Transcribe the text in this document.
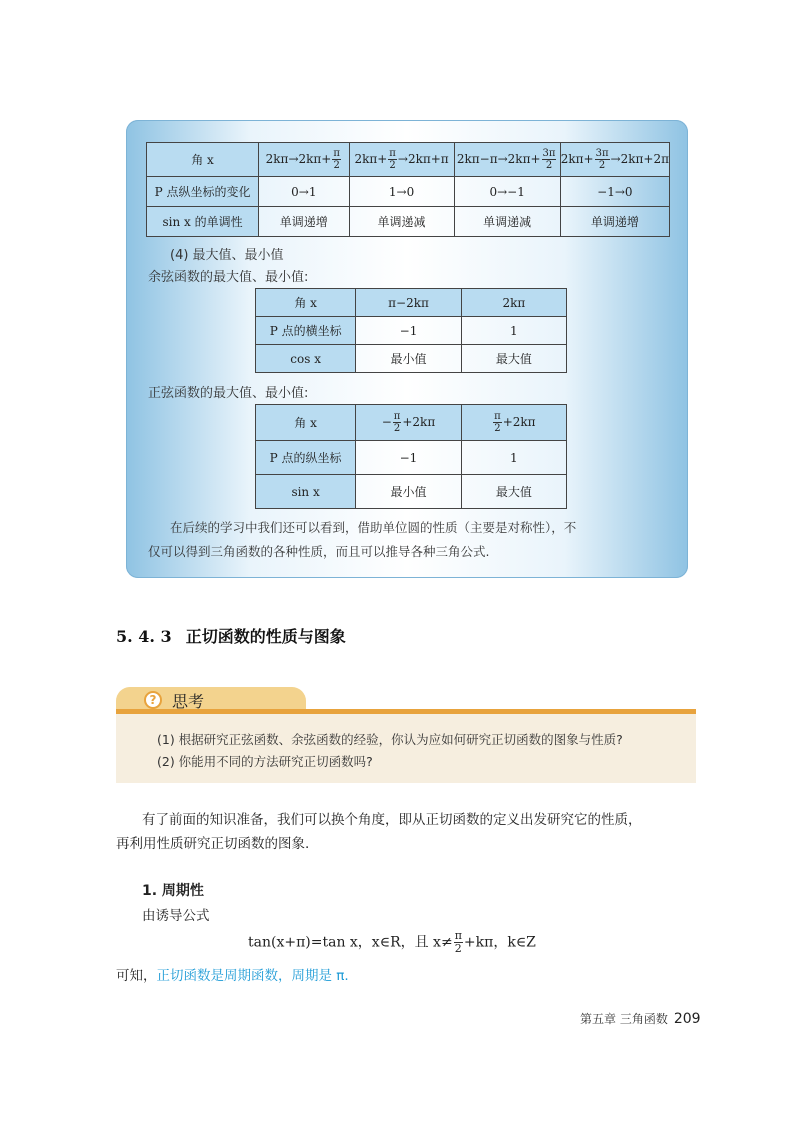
角 x	$2k\pi\to 2k\pi+ \frac{\pi}{2}$	$2k\pi+ \frac{\pi}{2} \to 2k\pi+\pi$	$2k\pi-\pi\to 2k\pi+ \frac{3\pi}{2}$	$2k\pi+ \frac{3\pi}{2} \to 2k\pi+2\pi$
P 点纵坐标的变化	0→1	1→0	0→−1	−1→0
sin x 的单调性	单调递增	单调递减	单调递减	单调递增
(4) 最大值、最小值
余弦函数的最大值、最小值:
角 x	π−2kπ	2kπ
P 点的横坐标	−1	1
cos x	最小值	最大值
正弦函数的最大值、最小值:
角 x	− $\frac{\pi}{2} +2k\pi$	$\frac{\pi}{2} +2k\pi$
P 点的纵坐标	−1	1
sin x	最小值	最大值
在后续的学习中我们还可以看到，借助单位圆的性质（主要是对称性），不
仅可以得到三角函数的各种性质，而且可以推导各种三角公式.
5. 4. 3 正切函数的性质与图象
? 思考
(1) 根据研究正弦函数、余弦函数的经验，你认为应如何研究正切函数的图象与性质?
(2) 你能用不同的方法研究正切函数吗?
有了前面的知识准备，我们可以换个角度，即从正切函数的定义出发研究它的性质，
再利用性质研究正切函数的图象.
1. 周期性
由诱导公式
tan(x+π)=tan x，x∈R，且 $x\ne \frac{\pi}{2} +k\pi$，k∈Z
可知，正切函数是周期函数，周期是 π.
第五章 三角函数 209
